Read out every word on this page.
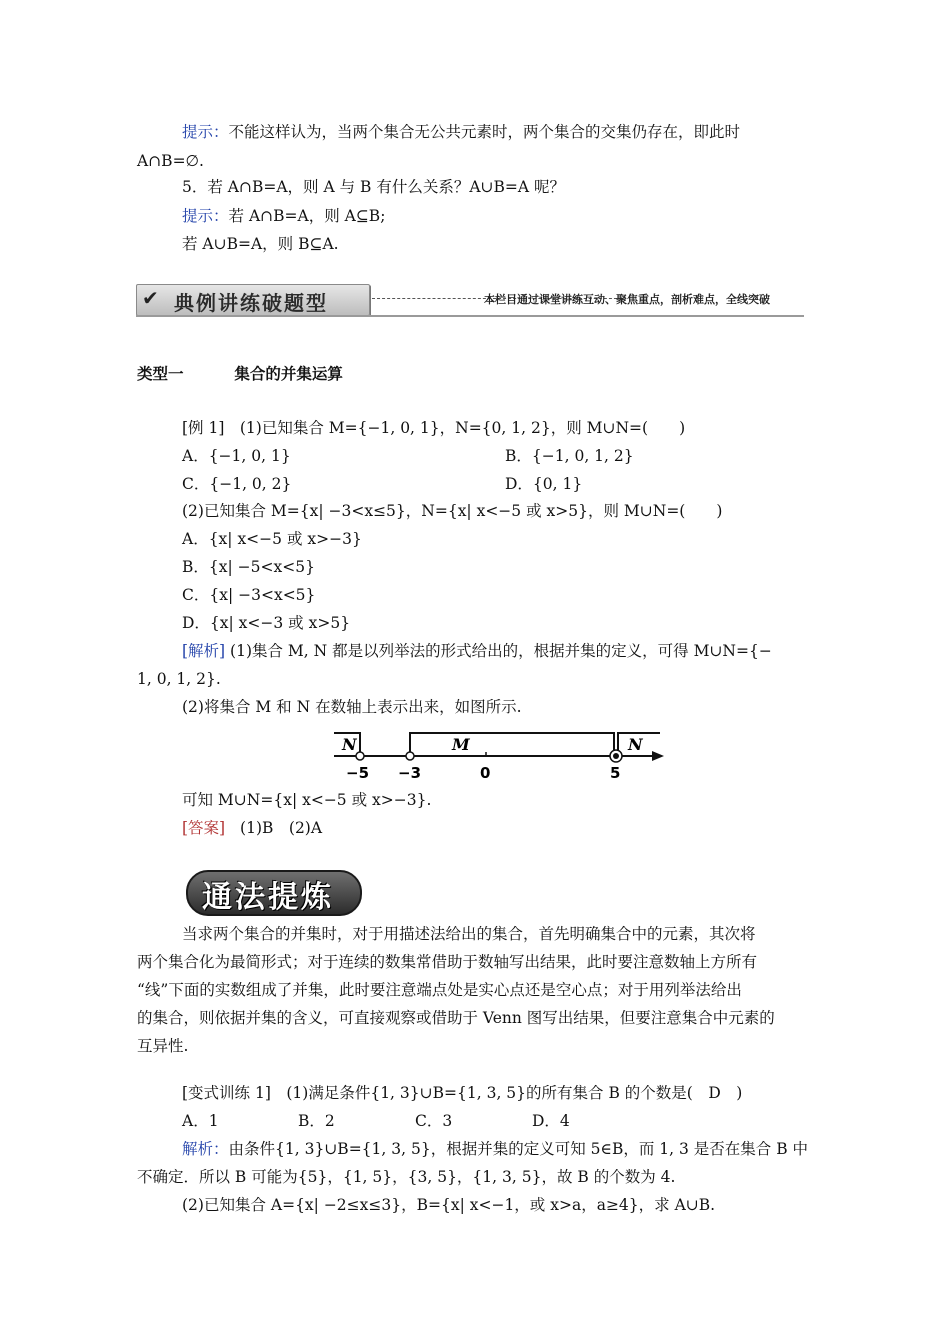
提示：不能这样认为，当两个集合无公共元素时，两个集合的交集仍存在，即此时
A∩B=∅.
5．若 A∩B=A，则 A 与 B 有什么关系？A∪B=A 呢？
提示：若 A∩B=A，则 A⊆B;
若 A∪B=A，则 B⊆A.
✔ 典例讲练破题型	本栏目通过课堂讲练互动、聚焦重点，剖析难点，全线突破
类型一	集合的并集运算
[例 1]　(1)已知集合 M={−1, 0, 1}，N={0, 1, 2}，则 M∪N=(　　)
A．{−1, 0, 1}	B．{−1, 0, 1, 2}
C．{−1, 0, 2}	D．{0, 1}
(2)已知集合 M={x| −3<x≤5}，N={x| x<−5 或 x>5}，则 M∪N=(　　)
A．{x| x<−5 或 x>−3}
B．{x| −5<x<5}
C．{x| −3<x<5}
D．{x| x<−3 或 x>5}
[解析] (1)集合 M, N 都是以列举法的形式给出的，根据并集的定义，可得 M∪N={−
1, 0, 1, 2}.
(2)将集合 M 和 N 在数轴上表示出来，如图所示.
N	M	N
−5 −3	0	5
可知 M∪N={x| x<−5 或 x>−3}.
[答案] (1)B　(2)A
通法提炼
当求两个集合的并集时，对于用描述法给出的集合，首先明确集合中的元素，其次将
两个集合化为最简形式；对于连续的数集常借助于数轴写出结果，此时要注意数轴上方所有
“线”下面的实数组成了并集，此时要注意端点处是实心点还是空心点；对于用列举法给出
的集合，则依据并集的含义，可直接观察或借助于 Venn 图写出结果，但要注意集合中元素的
互异性.
[变式训练 1]　(1)满足条件{1, 3}∪B={1, 3, 5}的所有集合 B 的个数是(　D　)
A．1	B．2	C．3	D．4
解析：由条件{1, 3}∪B={1, 3, 5}，根据并集的定义可知 5∈B，而 1, 3 是否在集合 B 中
不确定．所以 B 可能为{5}，{1, 5}，{3, 5}，{1, 3, 5}，故 B 的个数为 4.
(2)已知集合 A={x| −2≤x≤3}，B={x| x<−1，或 x>a，a≥4}，求 A∪B.
